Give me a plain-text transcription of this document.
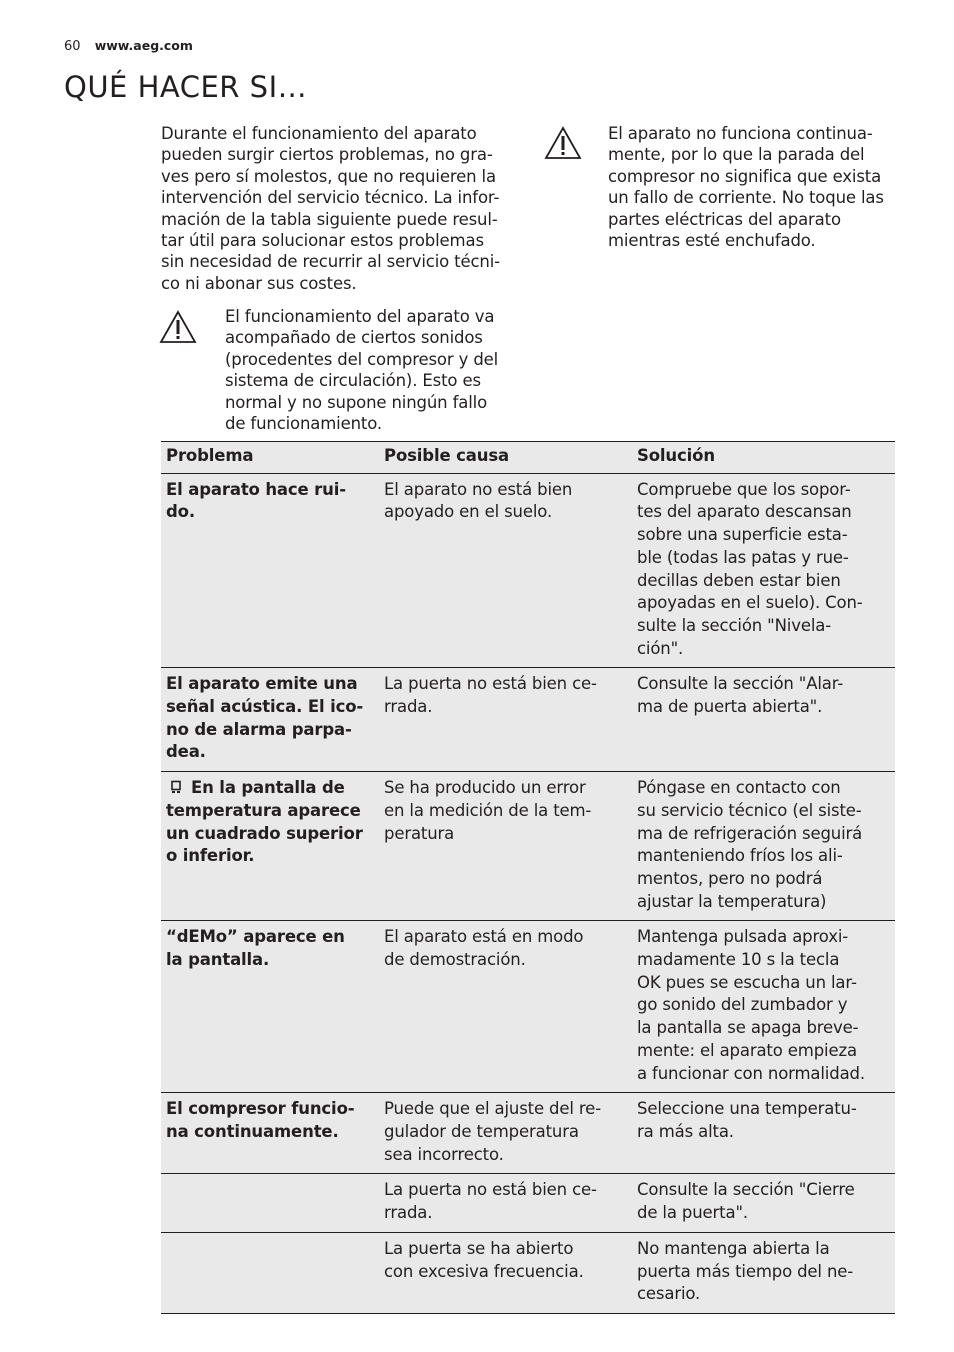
60 www.aeg.com
QUÉ HACER SI…
Durante el funcionamiento del aparato
pueden surgir ciertos problemas, no gra-
ves pero sí molestos, que no requieren la
intervención del servicio técnico. La infor-
mación de la tabla siguiente puede resul-
tar útil para solucionar estos problemas
sin necesidad de recurrir al servicio técni-
co ni abonar sus costes.
El funcionamiento del aparato va
acompañado de ciertos sonidos
(procedentes del compresor y del
sistema de circulación). Esto es
normal y no supone ningún fallo
de funcionamiento.
El aparato no funciona continua-
mente, por lo que la parada del
compresor no significa que exista
un fallo de corriente. No toque las
partes eléctricas del aparato
mientras esté enchufado.
Problema	Posible causa	Solución
El aparato hace rui-
do.
El aparato no está bien
apoyado en el suelo.
Compruebe que los sopor-
tes del aparato descansan
sobre una superficie esta-
ble (todas las patas y rue-
decillas deben estar bien
apoyadas en el suelo). Con-
sulte la sección "Nivela-
ción".
El aparato emite una
señal acústica. El ico-
no de alarma parpa-
dea.
La puerta no está bien ce-
rrada.
Consulte la sección "Alar-
ma de puerta abierta".
En la pantalla de
temperatura aparece
un cuadrado superior
o inferior.
Se ha producido un error
en la medición de la tem-
peratura
Póngase en contacto con
su servicio técnico (el siste-
ma de refrigeración seguirá
manteniendo fríos los ali-
mentos, pero no podrá
ajustar la temperatura)
“dEMo” aparece en
la pantalla.
El aparato está en modo
de demostración.
Mantenga pulsada aproxi-
madamente 10 s la tecla
OK pues se escucha un lar-
go sonido del zumbador y
la pantalla se apaga breve-
mente: el aparato empieza
a funcionar con normalidad.
El compresor funcio-
na continuamente.
Puede que el ajuste del re-
gulador de temperatura
sea incorrecto.
Seleccione una temperatu-
ra más alta.
La puerta no está bien ce-
rrada.
Consulte la sección "Cierre
de la puerta".
La puerta se ha abierto
con excesiva frecuencia.
No mantenga abierta la
puerta más tiempo del ne-
cesario.
